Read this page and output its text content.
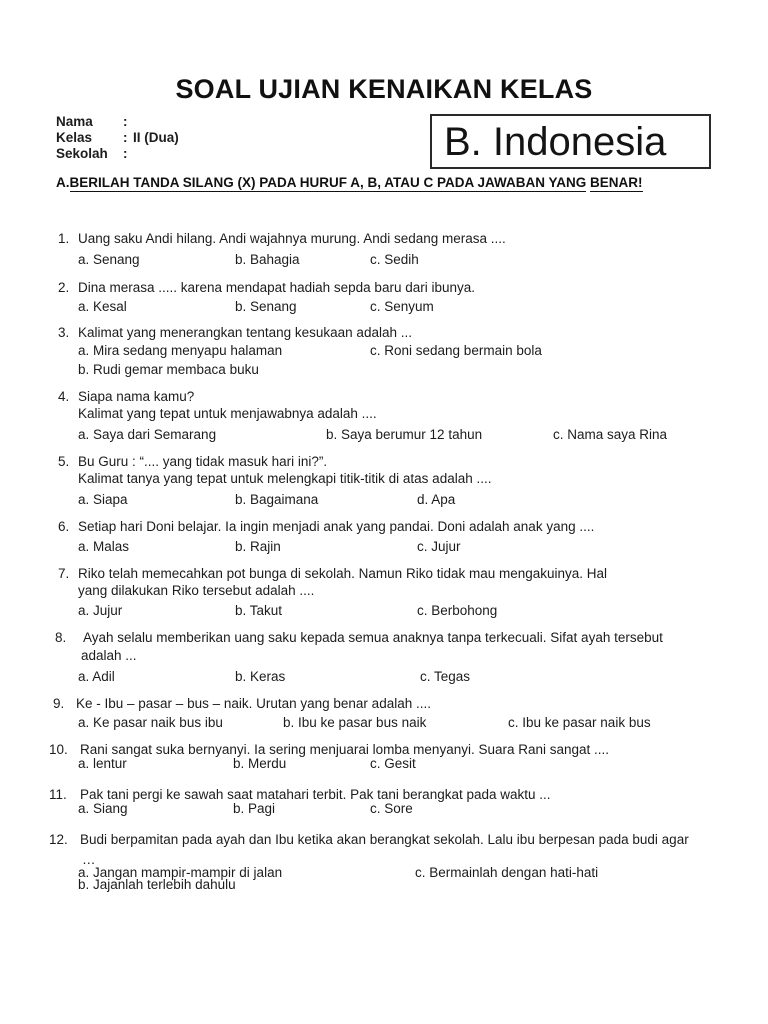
SOAL UJIAN KENAIKAN KELAS
Nama :
Kelas : II (Dua)
Sekolah :	B. Indonesia
A.BERILAH TANDA SILANG (X) PADA HURUF A, B, ATAU C PADA JAWABAN YANG BENAR!
1. Uang saku Andi hilang. Andi wajahnya murung. Andi sedang merasa ....
a. Senang	b. Bahagia	c. Sedih
2. Dina merasa ..... karena mendapat hadiah sepda baru dari ibunya.
a. Kesal	b. Senang	c. Senyum
3. Kalimat yang menerangkan tentang kesukaan adalah ...
a. Mira sedang menyapu halaman	c. Roni sedang bermain bola
b. Rudi gemar membaca buku
4. Siapa nama kamu?
Kalimat yang tepat untuk menjawabnya adalah ....
a. Saya dari Semarang	b. Saya berumur 12 tahun	c. Nama saya Rina
5. Bu Guru : “.... yang tidak masuk hari ini?”.
Kalimat tanya yang tepat untuk melengkapi titik-titik di atas adalah ....
a. Siapa	b. Bagaimana	d. Apa
6. Setiap hari Doni belajar. Ia ingin menjadi anak yang pandai. Doni adalah anak yang ....
a. Malas	b. Rajin	c. Jujur
7. Riko telah memecahkan pot bunga di sekolah. Namun Riko tidak mau mengakuinya. Hal
yang dilakukan Riko tersebut adalah ....
a. Jujur	b. Takut	c. Berbohong
8. Ayah selalu memberikan uang saku kepada semua anaknya tanpa terkecuali. Sifat ayah tersebut
adalah ...
a. Adil	b. Keras	c. Tegas
9. Ke - Ibu – pasar – bus – naik. Urutan yang benar adalah ....
a. Ke pasar naik bus ibu	b. Ibu ke pasar bus naik	c. Ibu ke pasar naik bus
10. Rani sangat suka bernyanyi. Ia sering menjuarai lomba menyanyi. Suara Rani sangat ....
a. lentur	b. Merdu	c. Gesit
11. Pak tani pergi ke sawah saat matahari terbit. Pak tani berangkat pada waktu ...
a. Siang	b. Pagi	c. Sore
12. Budi berpamitan pada ayah dan Ibu ketika akan berangkat sekolah. Lalu ibu berpesan pada budi agar
…
a. Jangan mampir-mampir di jalan	c. Bermainlah dengan hati-hati
b. Jajanlah terlebih dahulu
